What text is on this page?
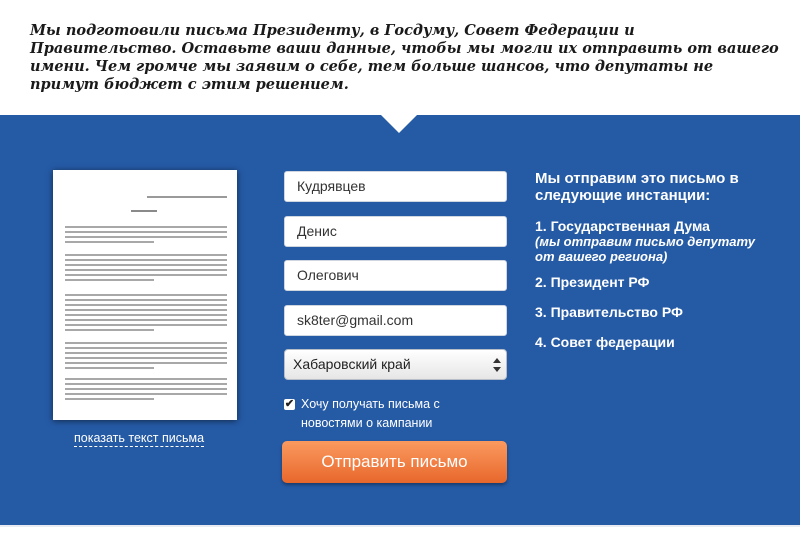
Мы подготовили письма Президенту, в Госдуму, Совет Федерации и Правительство. Оставьте ваши данные, чтобы мы могли их отправить от вашего имени. Чем громче мы заявим о себе, тем больше шансов, что депутаты не примут бюджет с этим решением.

показать текст письма
Кудрявцев
Денис
Олегович
sk8ter@gmail.com
Хабаровский край
✔ Хочу получать письма с новостями о кампании
Отправить письмо

Мы отправим это письмо в следующие инстанции:

1. Государственная Дума
(мы отправим письмо депутату от вашего региона)
2. Президент РФ
3. Правительство РФ
4. Совет федерации
